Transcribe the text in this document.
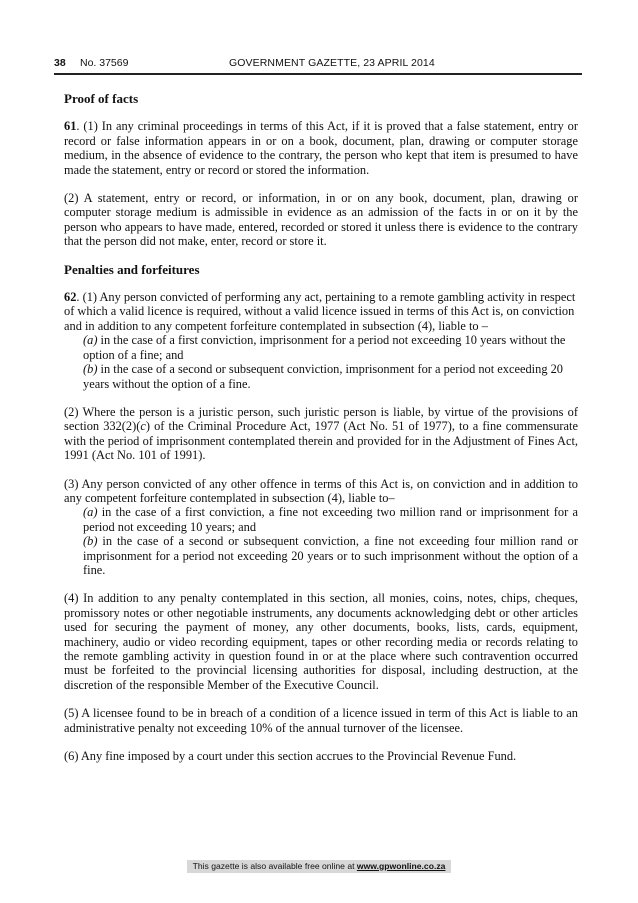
38 No. 37569	GOVERNMENT GAZETTE, 23 APRIL 2014

Proof of facts

61. (1) In any criminal proceedings in terms of this Act, if it is proved that a false statement, entry or record or false information appears in or on a book, document, plan, drawing or computer storage medium, in the absence of evidence to the contrary, the person who kept that item is presumed to have made the statement, entry or record or stored the information.

(2) A statement, entry or record, or information, in or on any book, document, plan, drawing or computer storage medium is admissible in evidence as an admission of the facts in or on it by the person who appears to have made, entered, recorded or stored it unless there is evidence to the contrary that the person did not make, enter, record or store it.

Penalties and forfeitures

62. (1) Any person convicted of performing any act, pertaining to a remote gambling activity in respect of which a valid licence is required, without a valid licence issued in terms of this Act is, on conviction and in addition to any competent forfeiture contemplated in subsection (4), liable to –

(a) in the case of a first conviction, imprisonment for a period not exceeding 10 years without the option of a fine; and

(b) in the case of a second or subsequent conviction, imprisonment for a period not exceeding 20 years without the option of a fine.

(2) Where the person is a juristic person, such juristic person is liable, by virtue of the provisions of section 332(2)(c) of the Criminal Procedure Act, 1977 (Act No. 51 of 1977), to a fine commensurate with the period of imprisonment contemplated therein and provided for in the Adjustment of Fines Act, 1991 (Act No. 101 of 1991).

(3) Any person convicted of any other offence in terms of this Act is, on conviction and in addition to any competent forfeiture contemplated in subsection (4), liable to–

(a) in the case of a first conviction, a fine not exceeding two million rand or imprisonment for a period not exceeding 10 years; and

(b) in the case of a second or subsequent conviction, a fine not exceeding four million rand or imprisonment for a period not exceeding 20 years or to such imprisonment without the option of a fine.

(4) In addition to any penalty contemplated in this section, all monies, coins, notes, chips, cheques, promissory notes or other negotiable instruments, any documents acknowledging debt or other articles used for securing the payment of money, any other documents, books, lists, cards, equipment, machinery, audio or video recording equipment, tapes or other recording media or records relating to the remote gambling activity in question found in or at the place where such contravention occurred must be forfeited to the provincial licensing authorities for disposal, including destruction, at the discretion of the responsible Member of the Executive Council.

(5) A licensee found to be in breach of a condition of a licence issued in term of this Act is liable to an administrative penalty not exceeding 10% of the annual turnover of the licensee.

(6) Any fine imposed by a court under this section accrues to the Provincial Revenue Fund.

This gazette is also available free online at www.gpwonline.co.za
